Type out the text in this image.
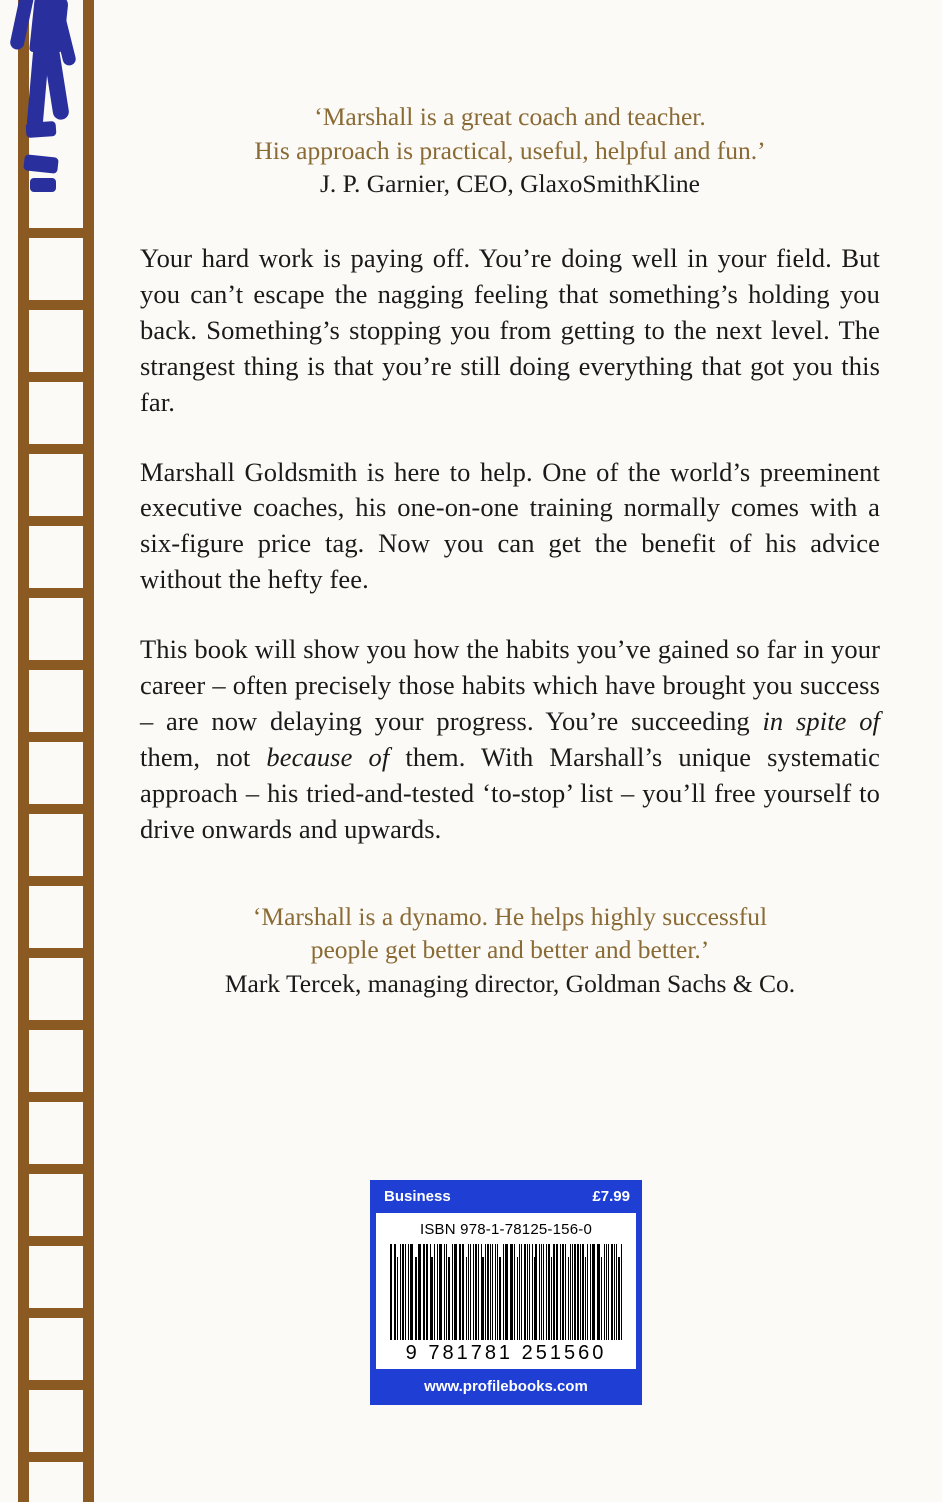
‘Marshall is a great coach and teacher.
His approach is practical, useful, helpful and fun.’
J. P. Garnier, CEO, GlaxoSmithKline

Your hard work is paying off. You’re doing well in your field. But you can’t escape the nagging feeling that something’s holding you back. Something’s stopping you from getting to the next level. The strangest thing is that you’re still doing everything that got you this far.

Marshall Goldsmith is here to help. One of the world’s preeminent executive coaches, his one-on-one training normally comes with a six-figure price tag. Now you can get the benefit of his advice without the hefty fee.

This book will show you how the habits you’ve gained so far in your career – often precisely those habits which have brought you success – are now delaying your progress. You’re succeeding in spite of them, not because of them. With Marshall’s unique systematic approach – his tried-and-tested ‘to-stop’ list – you’ll free yourself to drive onwards and upwards.

‘Marshall is a dynamo. He helps highly successful
people get better and better and better.’
Mark Tercek, managing director, Goldman Sachs & Co.
Business	£7.99
ISBN 978-1-78125-156-0
9 781781 251560
www.profilebooks.com
